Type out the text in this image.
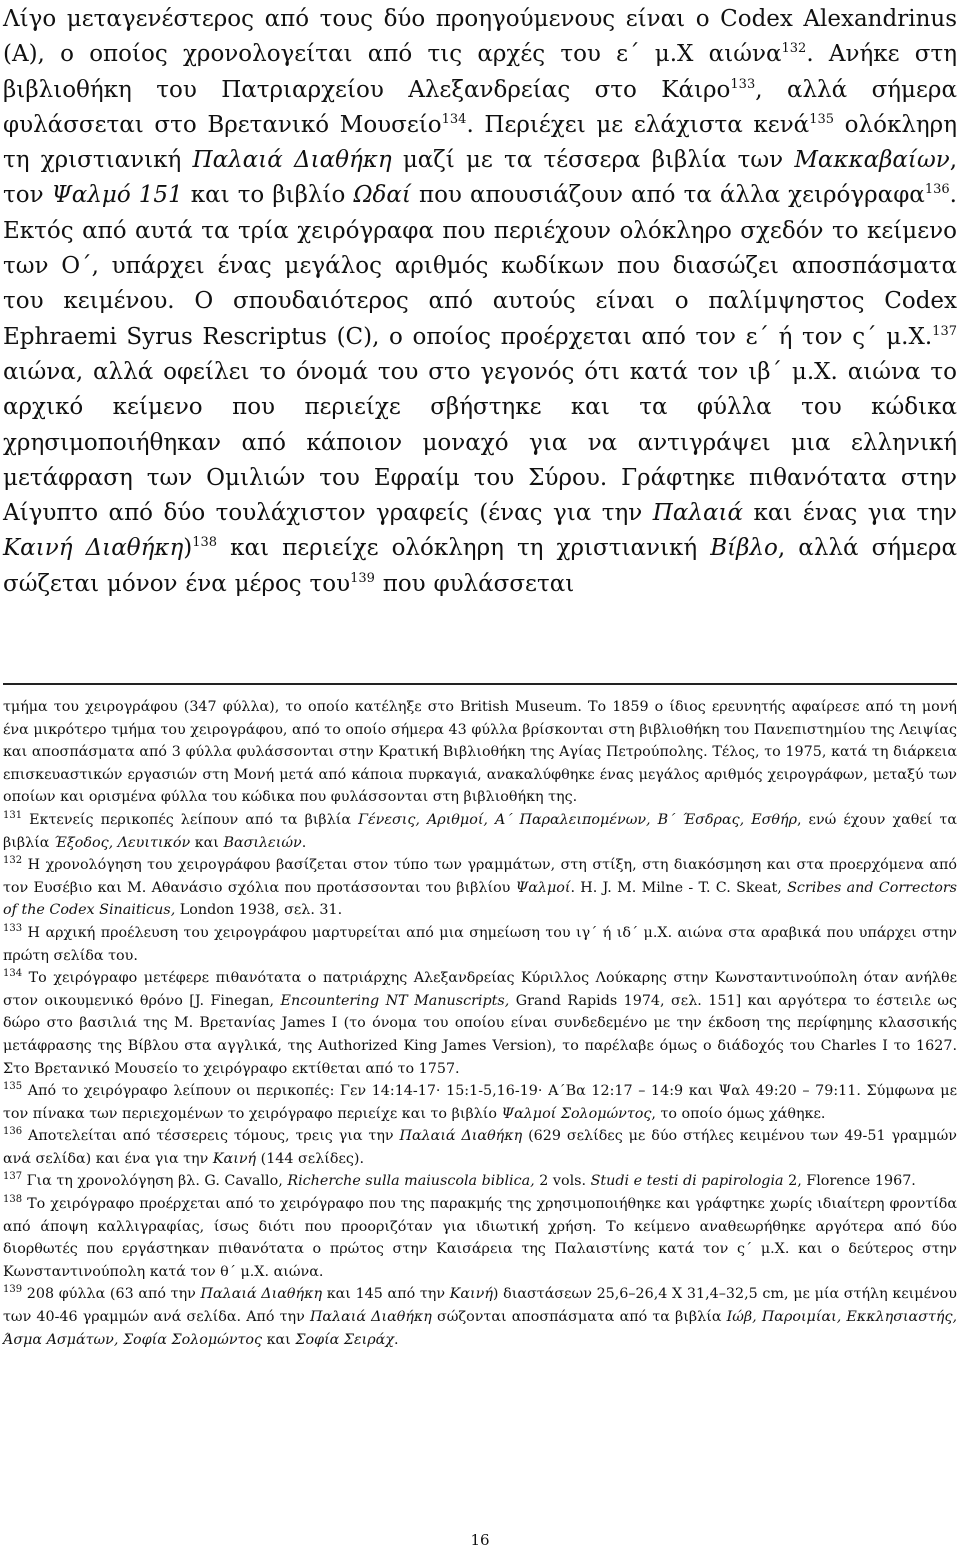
Λίγο μεταγενέστερος από τους δύο προηγούμενους είναι ο Codex Alexandrinus (A), ο οποίος χρονολογείται από τις αρχές του ε΄ μ.Χ αιώνα$^{132}$. Ανήκε στη βιβλιοθήκη του Πατριαρχείου Αλεξανδρείας στο Κάιρο$^{133}$, αλλά σήμερα φυλάσσεται στο Βρετανικό Μουσείο$^{134}$. Περιέχει με ελάχιστα κενά$^{135}$ ολόκληρη τη χριστιανική Παλαιά Διαθήκη μαζί με τα τέσσερα βιβλία των Μακκαβαίων, τον Ψαλμό 151 και το βιβλίο Ωδαί που απουσιάζουν από τα άλλα χειρόγραφα$^{136}$. Εκτός από αυτά τα τρία χειρόγραφα που περιέχουν ολόκληρο σχεδόν το κείμενο των Ο΄, υπάρχει ένας μεγάλος αριθμός κωδίκων που διασώζει αποσπάσματα του κειμένου. Ο σπουδαιότερος από αυτούς είναι ο παλίμψηστος Codex Ephraemi Syrus Rescriptus (C), ο οποίος προέρχεται από τον ε΄ ή τον ς΄ μ.Χ.$^{137}$ αιώνα, αλλά οφείλει το όνομά του στο γεγονός ότι κατά τον ιβ΄ μ.Χ. αιώνα το αρχικό κείμενο που περιείχε σβήστηκε και τα φύλλα του κώδικα χρησιμοποιήθηκαν από κάποιον μοναχό για να αντιγράψει μια ελληνική μετάφραση των Ομιλιών του Εφραίμ του Σύρου. Γράφτηκε πιθανότατα στην Αίγυπτο από δύο τουλάχιστον γραφείς (ένας για την Παλαιά και ένας για την Καινή Διαθήκη)$^{138}$ και περιείχε ολόκληρη τη χριστιανική Βίβλο, αλλά σήμερα σώζεται μόνον ένα μέρος του$^{139}$ που φυλάσσεται

τμήμα του χειρογράφου (347 φύλλα), το οποίο κατέληξε στο British Museum. Το 1859 ο ίδιος ερευνητής αφαίρεσε από τη μονή ένα μικρότερο τμήμα του χειρογράφου, από το οποίο σήμερα 43 φύλλα βρίσκονται στη βιβλιοθήκη του Πανεπιστημίου της Λειψίας και αποσπάσματα από 3 φύλλα φυλάσσονται στην Κρατική Βιβλιοθήκη της Αγίας Πετρούπολης. Τέλος, το 1975, κατά τη διάρκεια επισκευαστικών εργασιών στη Μονή μετά από κάποια πυρκαγιά, ανακαλύφθηκε ένας μεγάλος αριθμός χειρογράφων, μεταξύ των οποίων και ορισμένα φύλλα του κώδικα που φυλάσσονται στη βιβλιοθήκη της.

$^{131}$ Εκτενείς περικοπές λείπουν από τα βιβλία Γένεσις, Αριθμοί, Α΄ Παραλειπομένων, Β΄ Έσδρας, Εσθήρ, ενώ έχουν χαθεί τα βιβλία Έξοδος, Λευιτικόν και Βασιλειών.

$^{132}$ Η χρονολόγηση του χειρογράφου βασίζεται στον τύπο των γραμμάτων, στη στίξη, στη διακόσμηση και στα προερχόμενα από τον Ευσέβιο και Μ. Αθανάσιο σχόλια που προτάσσονται του βιβλίου Ψαλμοί. H. J. M. Milne - T. C. Skeat, Scribes and Correctors of the Codex Sinaiticus, London 1938, σελ. 31.

$^{133}$ Η αρχική προέλευση του χειρογράφου μαρτυρείται από μια σημείωση του ιγ΄ ή ιδ΄ μ.Χ. αιώνα στα αραβικά που υπάρχει στην πρώτη σελίδα του.

$^{134}$ Το χειρόγραφο μετέφερε πιθανότατα ο πατριάρχης Αλεξανδρείας Κύριλλος Λούκαρης στην Κωνσταντινούπολη όταν ανήλθε στον οικουμενικό θρόνο [J. Finegan, Encountering NT Manuscripts, Grand Rapids 1974, σελ. 151] και αργότερα το έστειλε ως δώρο στο βασιλιά της Μ. Βρετανίας James I (το όνομα του οποίου είναι συνδεδεμένο με την έκδοση της περίφημης κλασσικής μετάφρασης της Βίβλου στα αγγλικά, της Authorized King James Version), το παρέλαβε όμως ο διάδοχός του Charles I το 1627. Στο Βρετανικό Μουσείο το χειρόγραφο εκτίθεται από το 1757.

$^{135}$ Από το χειρόγραφο λείπουν οι περικοπές: Γεν 14:14-17· 15:1-5,16-19· Α΄Βα 12:17 – 14:9 και Ψαλ 49:20 – 79:11. Σύμφωνα με τον πίνακα των περιεχομένων το χειρόγραφο περιείχε και το βιβλίο Ψαλμοί Σολομώντος, το οποίο όμως χάθηκε.

$^{136}$ Αποτελείται από τέσσερεις τόμους, τρεις για την Παλαιά Διαθήκη (629 σελίδες με δύο στήλες κειμένου των 49-51 γραμμών ανά σελίδα) και ένα για την Καινή (144 σελίδες).

$^{137}$ Για τη χρονολόγηση βλ. G. Cavallo, Richerche sulla maiuscola biblica, 2 vols. Studi e testi di papirologia 2, Florence 1967.

$^{138}$ Το χειρόγραφο προέρχεται από το χειρόγραφο που της παρακμής της χρησιμοποιήθηκε και γράφτηκε χωρίς ιδιαίτερη φροντίδα από άποψη καλλιγραφίας, ίσως διότι που προοριζόταν για ιδιωτική χρήση. Το κείμενο αναθεωρήθηκε αργότερα από δύο διορθωτές που εργάστηκαν πιθανότατα ο πρώτος στην Καισάρεια της Παλαιστίνης κατά τον ς΄ μ.Χ. και ο δεύτερος στην Κωνσταντινούπολη κατά τον θ΄ μ.Χ. αιώνα.

$^{139}$ 208 φύλλα (63 από την Παλαιά Διαθήκη και 145 από την Καινή) διαστάσεων 25,6–26,4 Χ 31,4–32,5 cm, με μία στήλη κειμένου των 40-46 γραμμών ανά σελίδα. Από την Παλαιά Διαθήκη σώζονται αποσπάσματα από τα βιβλία Ιώβ, Παροιμίαι, Εκκλησιαστής, Άσμα Ασμάτων, Σοφία Σολομώντος και Σοφία Σειράχ.

16
